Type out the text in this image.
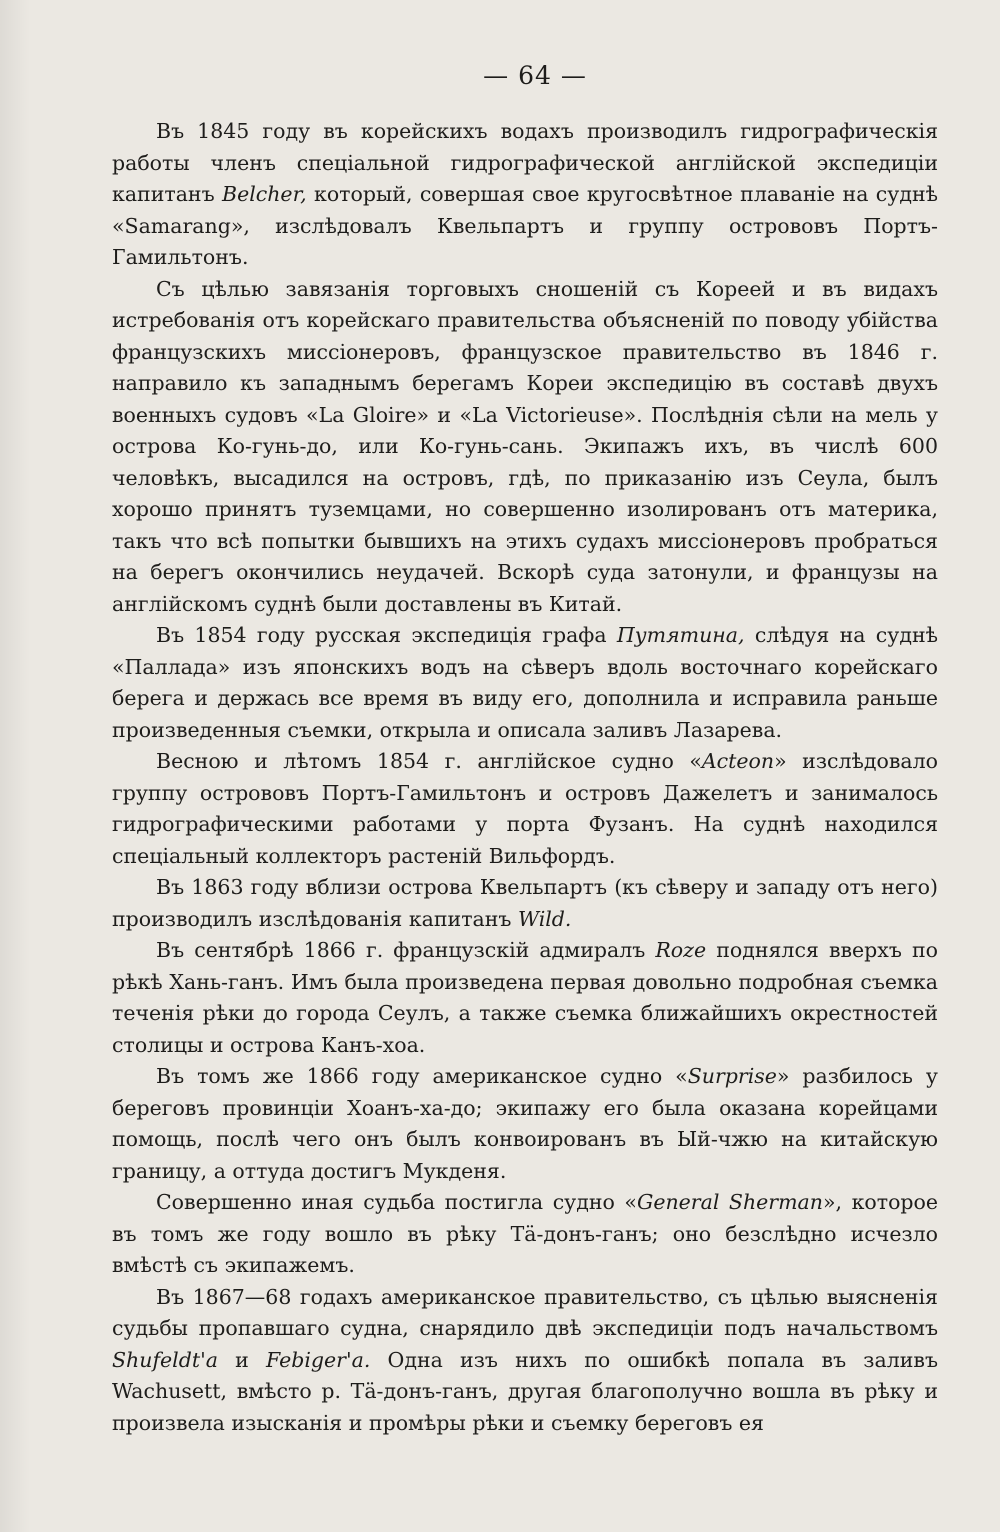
— 64 —

Въ 1845 году въ корейскихъ водахъ производилъ гидрографическія работы членъ спеціальной гидрографической англійской экспедиціи капитанъ Belcher, который, совершая свое кругосвѣтное плаваніе на суднѣ «Samarang», изслѣдовалъ Квельпартъ и группу острововъ Портъ-Гамильтонъ.

Съ цѣлью завязанія торговыхъ сношеній съ Кореей и въ видахъ истребованія отъ корейскаго правительства объясненій по поводу убійства французскихъ миссіонеровъ, французское правительство въ 1846 г. направило къ западнымъ берегамъ Кореи экспедицію въ составѣ двухъ военныхъ судовъ «La Gloire» и «La Victorieuse». Послѣднія сѣли на мель у острова Ко-гунь-до, или Ко-гунь-сань. Экипажъ ихъ, въ числѣ 600 человѣкъ, высадился на островъ, гдѣ, по приказанію изъ Сеула, былъ хорошо принятъ туземцами, но совершенно изолированъ отъ материка, такъ что всѣ попытки бывшихъ на этихъ судахъ миссіонеровъ пробраться на берегъ окончились неудачей. Вскорѣ суда затонули, и французы на англійскомъ суднѣ были доставлены въ Китай.

Въ 1854 году русская экспедиція графа Путятина, слѣдуя на суднѣ «Паллада» изъ японскихъ водъ на сѣверъ вдоль восточнаго корейскаго берега и держась все время въ виду его, дополнила и исправила раньше произведенныя съемки, открыла и описала заливъ Лазарева.

Весною и лѣтомъ 1854 г. англійское судно «Acteon» изслѣдовало группу острововъ Портъ-Гамильтонъ и островъ Дажелетъ и занималось гидрографическими работами у порта Фузанъ. На суднѣ находился спеціальный коллекторъ растеній Вильфордъ.

Въ 1863 году вблизи острова Квельпартъ (къ сѣверу и западу отъ него) производилъ изслѣдованія капитанъ Wild.

Въ сентябрѣ 1866 г. французскій адмиралъ Roze поднялся вверхъ по рѣкѣ Хань-ганъ. Имъ была произведена первая довольно подробная съемка теченія рѣки до города Сеулъ, а также съемка ближайшихъ окрестностей столицы и острова Канъ-хоа.

Въ томъ же 1866 году американское судно «Surprise» разбилось у береговъ провинціи Хоанъ-ха-до; экипажу его была оказана корейцами помощь, послѣ чего онъ былъ конвоированъ въ Ый-чжю на китайскую границу, а оттуда достигъ Мукденя.

Совершенно иная судьба постигла судно «General Sherman», которое въ томъ же году вошло въ рѣку Тä-донъ-ганъ; оно безслѣдно исчезло вмѣстѣ съ экипажемъ.

Въ 1867—68 годахъ американское правительство, съ цѣлью выясненія судьбы пропавшаго судна, снарядило двѣ экспедиціи подъ начальствомъ Shufeldt'а и Febiger'а. Одна изъ нихъ по ошибкѣ попала въ заливъ Wachusett, вмѣсто р. Тä-донъ-ганъ, другая благополучно вошла въ рѣку и произвела изысканія и промѣры рѣки и съемку береговъ ея
